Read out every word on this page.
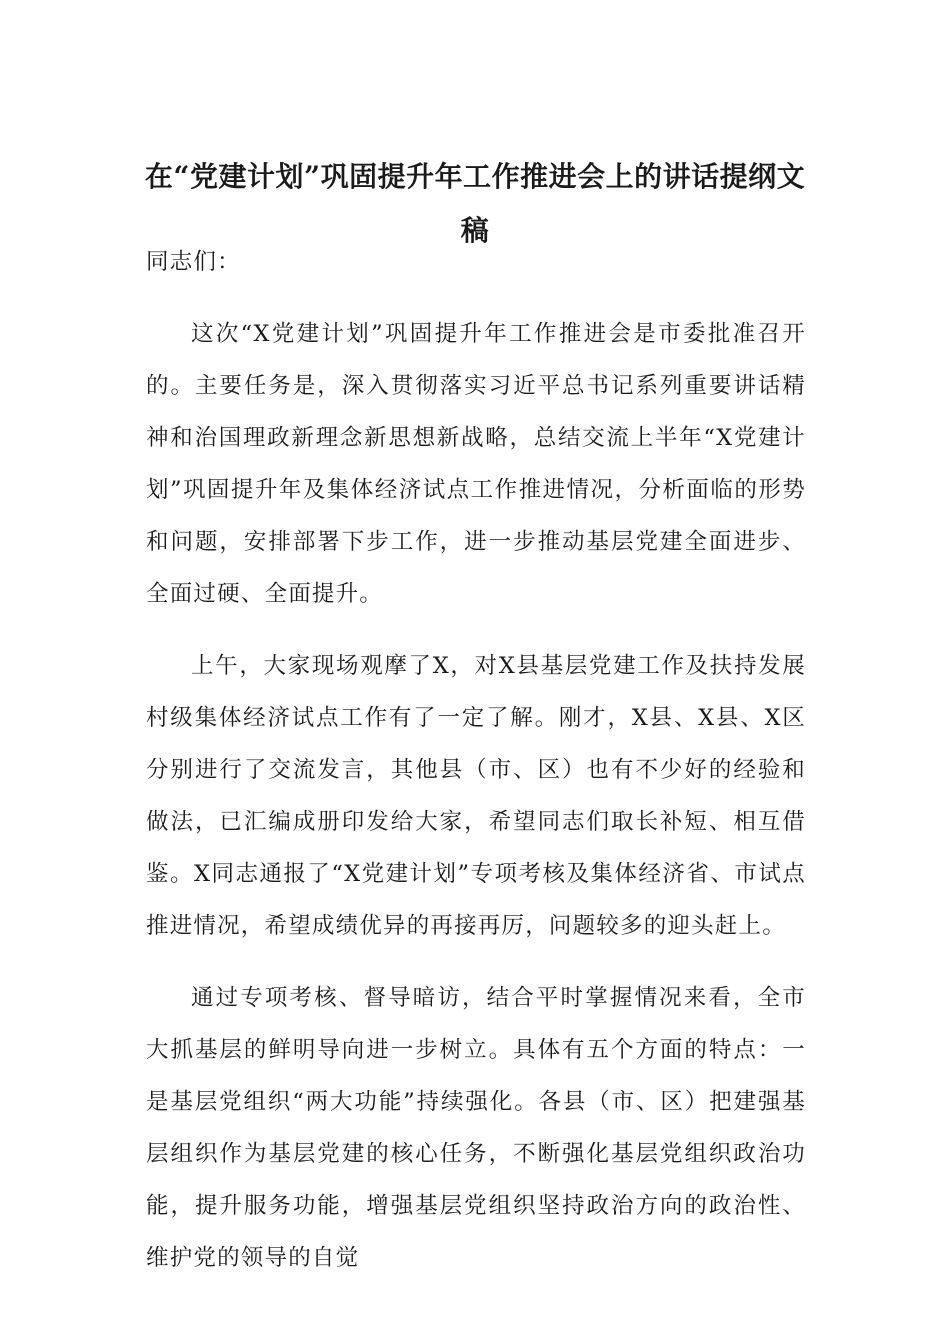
在“党建计划”巩固提升年工作推进会上的讲话提纲文稿

同志们：

这次“X党建计划”巩固提升年工作推进会是市委批准召开的。主要任务是，深入贯彻落实习近平总书记系列重要讲话精神和治国理政新理念新思想新战略，总结交流上半年“X党建计划”巩固提升年及集体经济试点工作推进情况，分析面临的形势和问题，安排部署下步工作，进一步推动基层党建全面进步、全面过硬、全面提升。

上午，大家现场观摩了X，对X县基层党建工作及扶持发展村级集体经济试点工作有了一定了解。刚才，X县、X县、X区分别进行了交流发言，其他县（市、区）也有不少好的经验和做法，已汇编成册印发给大家，希望同志们取长补短、相互借鉴。X同志通报了“X党建计划”专项考核及集体经济省、市试点推进情况，希望成绩优异的再接再厉，问题较多的迎头赶上。

通过专项考核、督导暗访，结合平时掌握情况来看，全市大抓基层的鲜明导向进一步树立。具体有五个方面的特点：一是基层党组织“两大功能”持续强化。各县（市、区）把建强基层组织作为基层党建的核心任务，不断强化基层党组织政治功能，提升服务功能，增强基层党组织坚持政治方向的政治性、维护党的领导的自觉
